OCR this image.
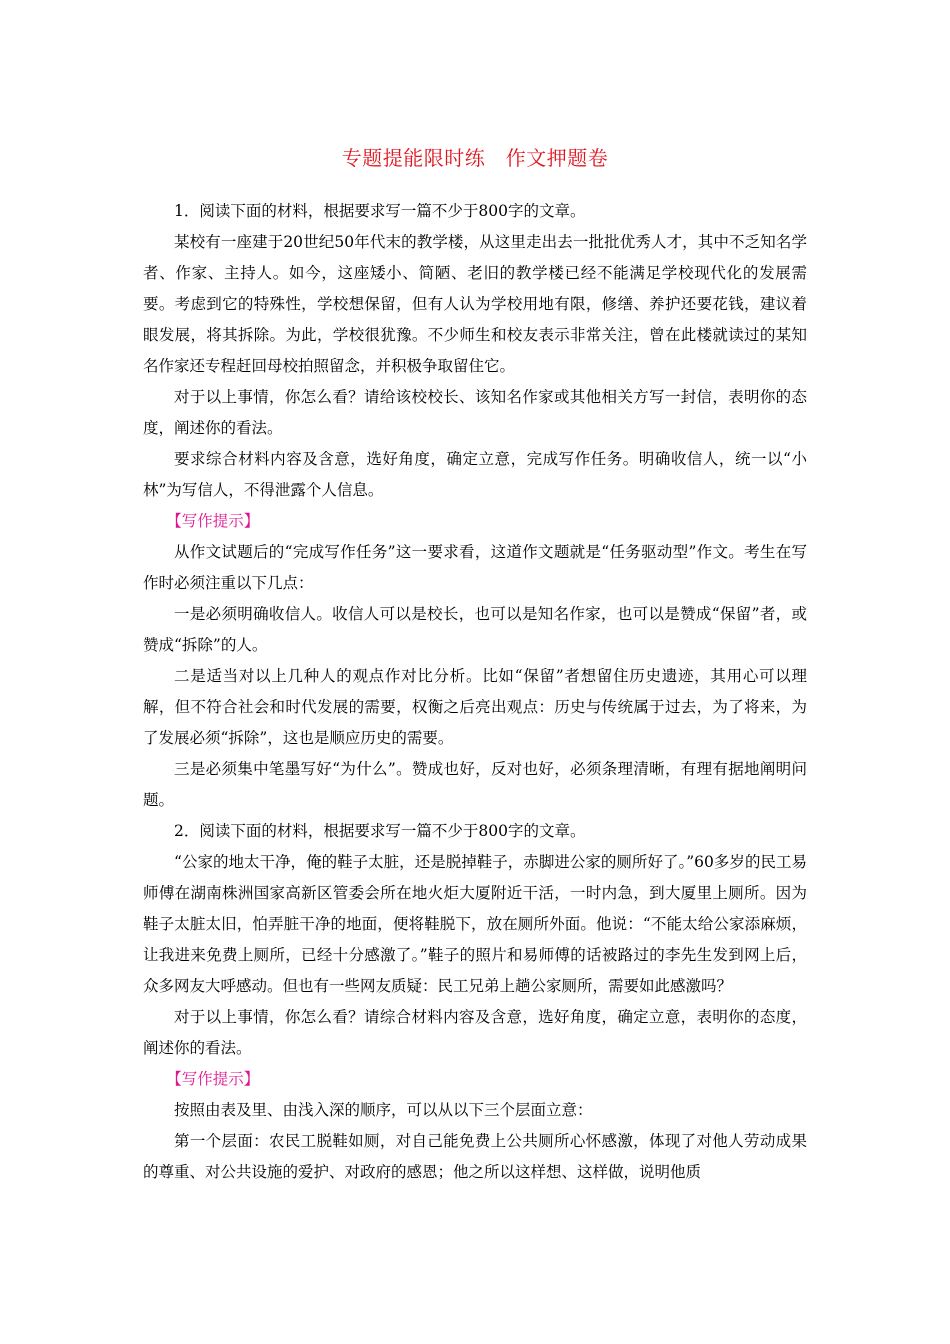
专题提能限时练　作文押题卷

1．阅读下面的材料，根据要求写一篇不少于800字的文章。

某校有一座建于20世纪50年代末的教学楼，从这里走出去一批批优秀人才，其中不乏知名学者、作家、主持人。如今，这座矮小、简陋、老旧的教学楼已经不能满足学校现代化的发展需要。考虑到它的特殊性，学校想保留，但有人认为学校用地有限，修缮、养护还要花钱，建议着眼发展，将其拆除。为此，学校很犹豫。不少师生和校友表示非常关注，曾在此楼就读过的某知名作家还专程赶回母校拍照留念，并积极争取留住它。

对于以上事情，你怎么看？请给该校校长、该知名作家或其他相关方写一封信，表明你的态度，阐述你的看法。

要求综合材料内容及含意，选好角度，确定立意，完成写作任务。明确收信人，统一以“小林”为写信人，不得泄露个人信息。

【写作提示】

从作文试题后的“完成写作任务”这一要求看，这道作文题就是“任务驱动型”作文。考生在写作时必须注重以下几点：

一是必须明确收信人。收信人可以是校长，也可以是知名作家，也可以是赞成“保留”者，或赞成“拆除”的人。

二是适当对以上几种人的观点作对比分析。比如“保留”者想留住历史遗迹，其用心可以理解，但不符合社会和时代发展的需要，权衡之后亮出观点：历史与传统属于过去，为了将来，为了发展必须“拆除”，这也是顺应历史的需要。

三是必须集中笔墨写好“为什么”。赞成也好，反对也好，必须条理清晰，有理有据地阐明问题。

2．阅读下面的材料，根据要求写一篇不少于800字的文章。

“公家的地太干净，俺的鞋子太脏，还是脱掉鞋子，赤脚进公家的厕所好了。”60多岁的民工易师傅在湖南株洲国家高新区管委会所在地火炬大厦附近干活，一时内急，到大厦里上厕所。因为鞋子太脏太旧，怕弄脏干净的地面，便将鞋脱下，放在厕所外面。他说：“不能太给公家添麻烦，让我进来免费上厕所，已经十分感激了。”鞋子的照片和易师傅的话被路过的李先生发到网上后，众多网友大呼感动。但也有一些网友质疑：民工兄弟上趟公家厕所，需要如此感激吗？

对于以上事情，你怎么看？请综合材料内容及含意，选好角度，确定立意，表明你的态度，阐述你的看法。

【写作提示】

按照由表及里、由浅入深的顺序，可以从以下三个层面立意：

第一个层面：农民工脱鞋如厕，对自己能免费上公共厕所心怀感激，体现了对他人劳动成果的尊重、对公共设施的爱护、对政府的感恩；他之所以这样想、这样做，说明他质
